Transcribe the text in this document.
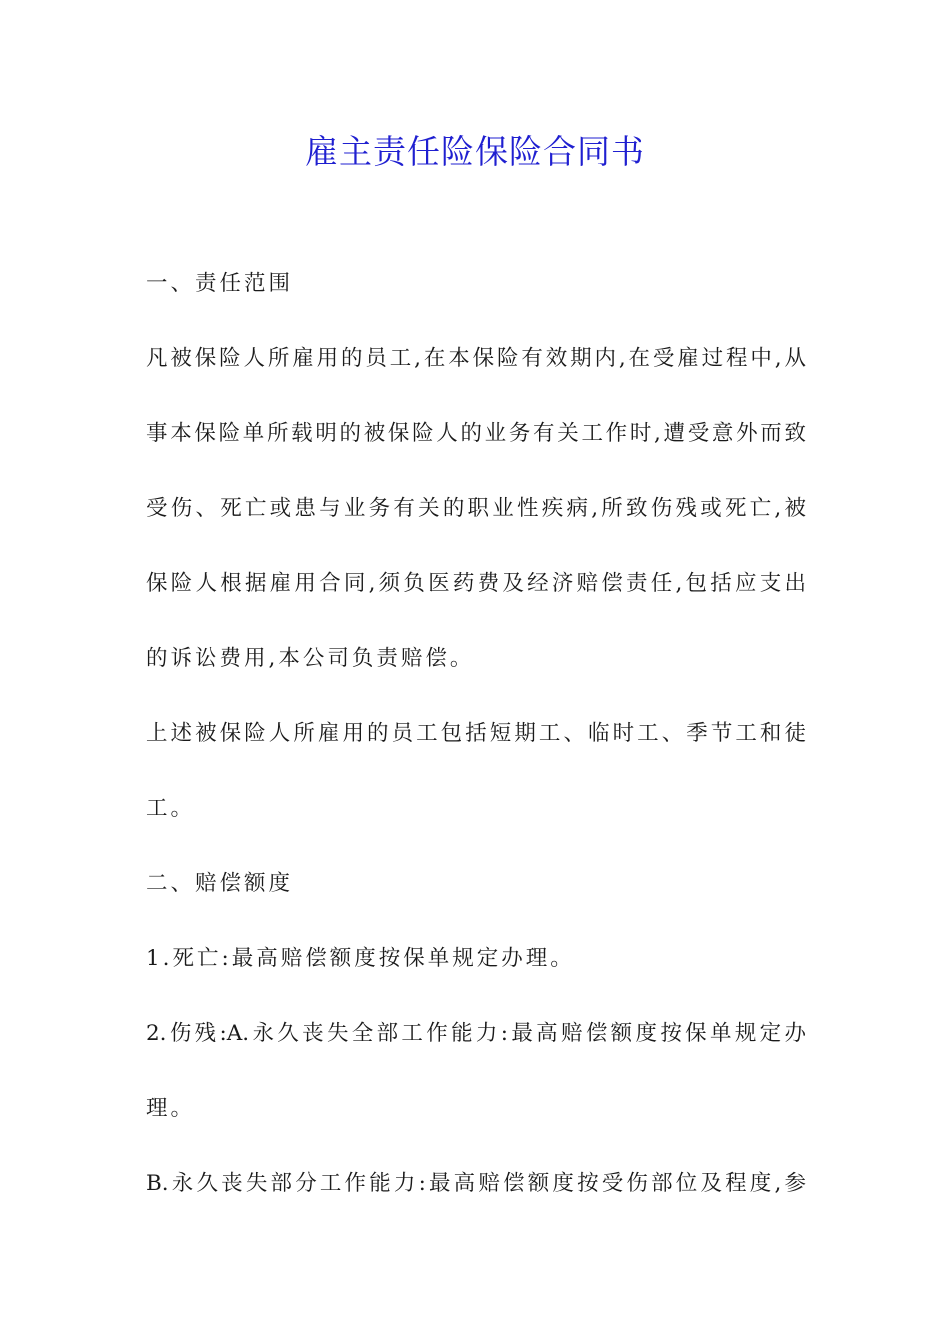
雇主责任险保险合同书

一、责任范围

凡被保险人所雇用的员工,在本保险有效期内,在受雇过程中,从

事本保险单所载明的被保险人的业务有关工作时,遭受意外而致

受伤、死亡或患与业务有关的职业性疾病,所致伤残或死亡,被

保险人根据雇用合同,须负医药费及经济赔偿责任,包括应支出

的诉讼费用,本公司负责赔偿。

上述被保险人所雇用的员工包括短期工、临时工、季节工和徒

工。

二、赔偿额度

1.死亡:最高赔偿额度按保单规定办理。

2.伤残:A.永久丧失全部工作能力:最高赔偿额度按保单规定办

理。

B.永久丧失部分工作能力:最高赔偿额度按受伤部位及程度,参
